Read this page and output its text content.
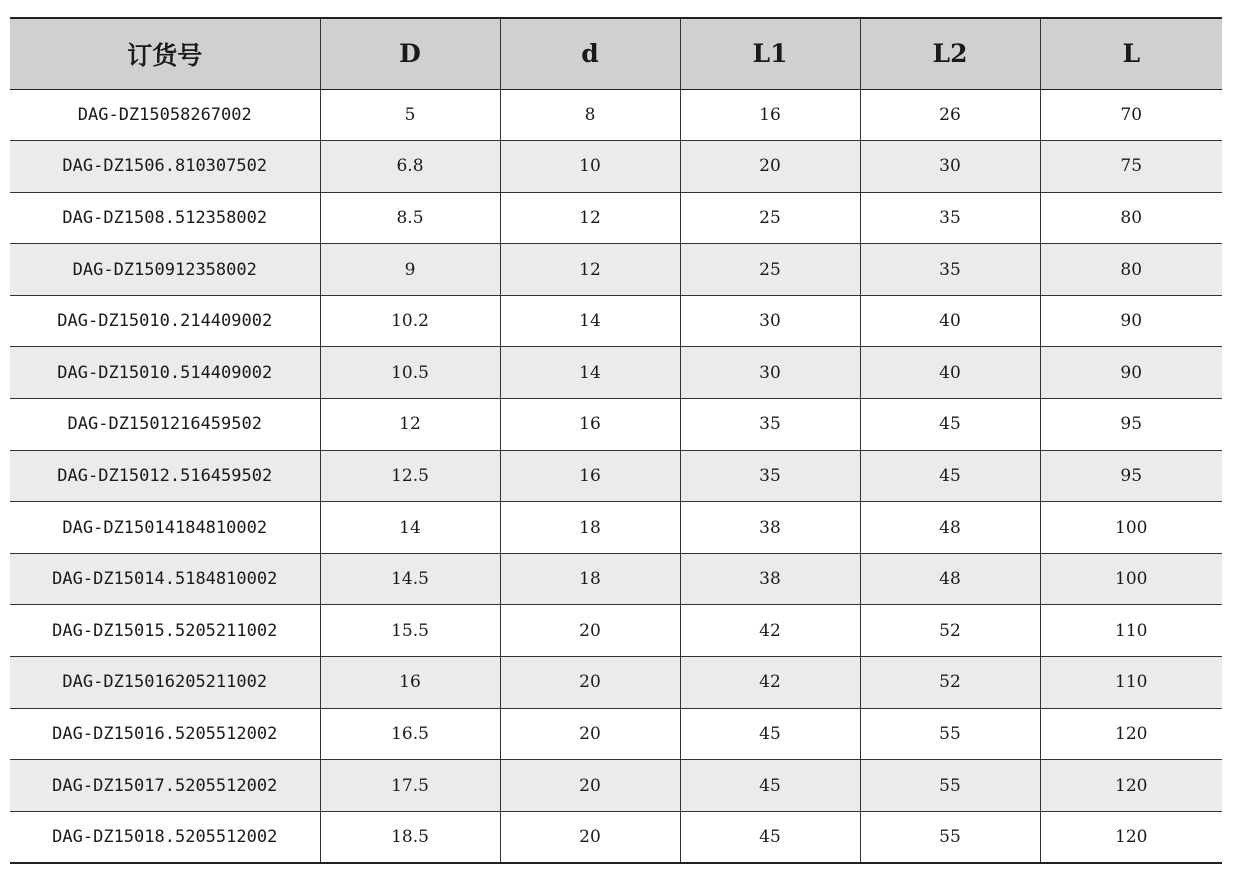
订货号	D	d	L1	L2	L
DAG-DZ15058267002	5	8	16	26	70
DAG-DZ1506.810307502	6.8	10	20	30	75
DAG-DZ1508.512358002	8.5	12	25	35	80
DAG-DZ150912358002	9	12	25	35	80
DAG-DZ15010.214409002	10.2	14	30	40	90
DAG-DZ15010.514409002	10.5	14	30	40	90
DAG-DZ1501216459502	12	16	35	45	95
DAG-DZ15012.516459502	12.5	16	35	45	95
DAG-DZ15014184810002	14	18	38	48	100
DAG-DZ15014.5184810002	14.5	18	38	48	100
DAG-DZ15015.5205211002	15.5	20	42	52	110
DAG-DZ15016205211002	16	20	42	52	110
DAG-DZ15016.5205512002	16.5	20	45	55	120
DAG-DZ15017.5205512002	17.5	20	45	55	120
DAG-DZ15018.5205512002	18.5	20	45	55	120
